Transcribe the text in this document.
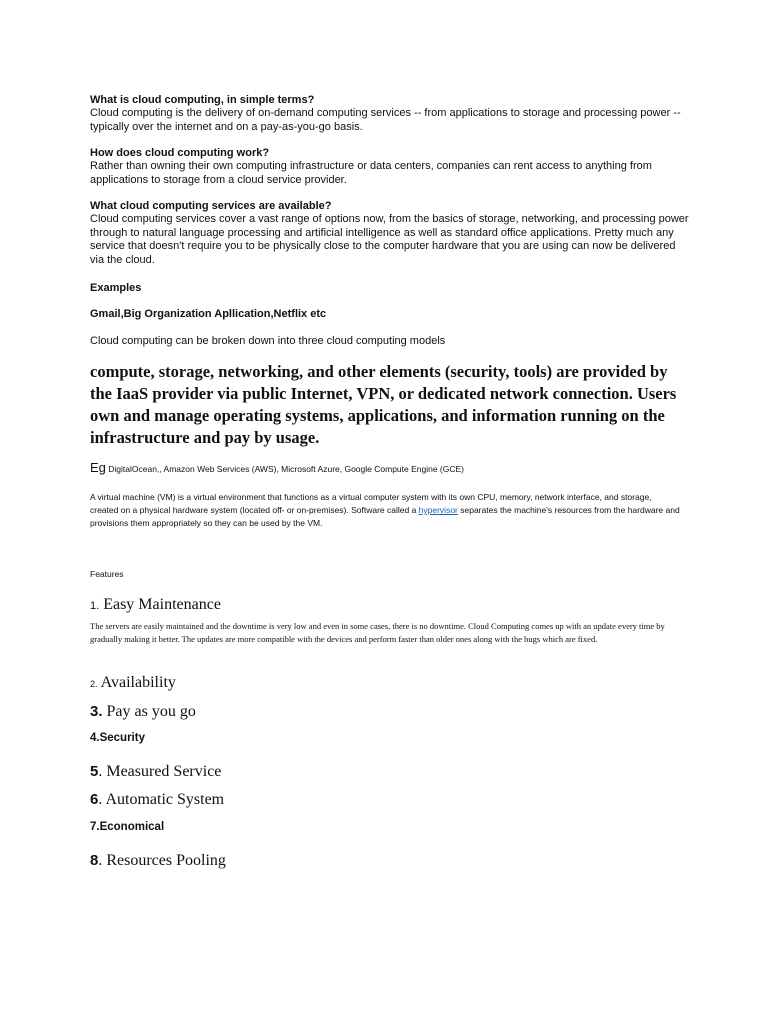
What is cloud computing, in simple terms?

Cloud computing is the delivery of on-demand computing services -- from applications to storage and processing power -- typically over the internet and on a pay-as-you-go basis.

How does cloud computing work?

Rather than owning their own computing infrastructure or data centers, companies can rent access to anything from applications to storage from a cloud service provider.

What cloud computing services are available?

Cloud computing services cover a vast range of options now, from the basics of storage, networking, and processing power through to natural language processing and artificial intelligence as well as standard office applications. Pretty much any service that doesn't require you to be physically close to the computer hardware that you are using can now be delivered via the cloud.

Examples

Gmail,Big Organization Apllication,Netflix etc

Cloud computing can be broken down into three cloud computing models

compute, storage, networking, and other elements (security, tools) are provided by the IaaS provider via public Internet, VPN, or dedicated network connection. Users own and manage operating systems, applications, and information running on the infrastructure and pay by usage.

Eg DigitalOcean,, Amazon Web Services (AWS), Microsoft Azure, Google Compute Engine (GCE)

A virtual machine (VM) is a virtual environment that functions as a virtual computer system with its own CPU, memory, network interface, and storage, created on a physical hardware system (located off- or on-premises). Software called a hypervisor separates the machine's resources from the hardware and provisions them appropriately so they can be used by the VM.

Features

1. Easy Maintenance

The servers are easily maintained and the downtime is very low and even in some cases, there is no downtime. Cloud Computing comes up with an update every time by gradually making it better. The updates are more compatible with the devices and perform faster than older ones along with the bugs which are fixed.

2. Availability

3. Pay as you go

4.Security

5. Measured Service

6. Automatic System

7.Economical

8. Resources Pooling
